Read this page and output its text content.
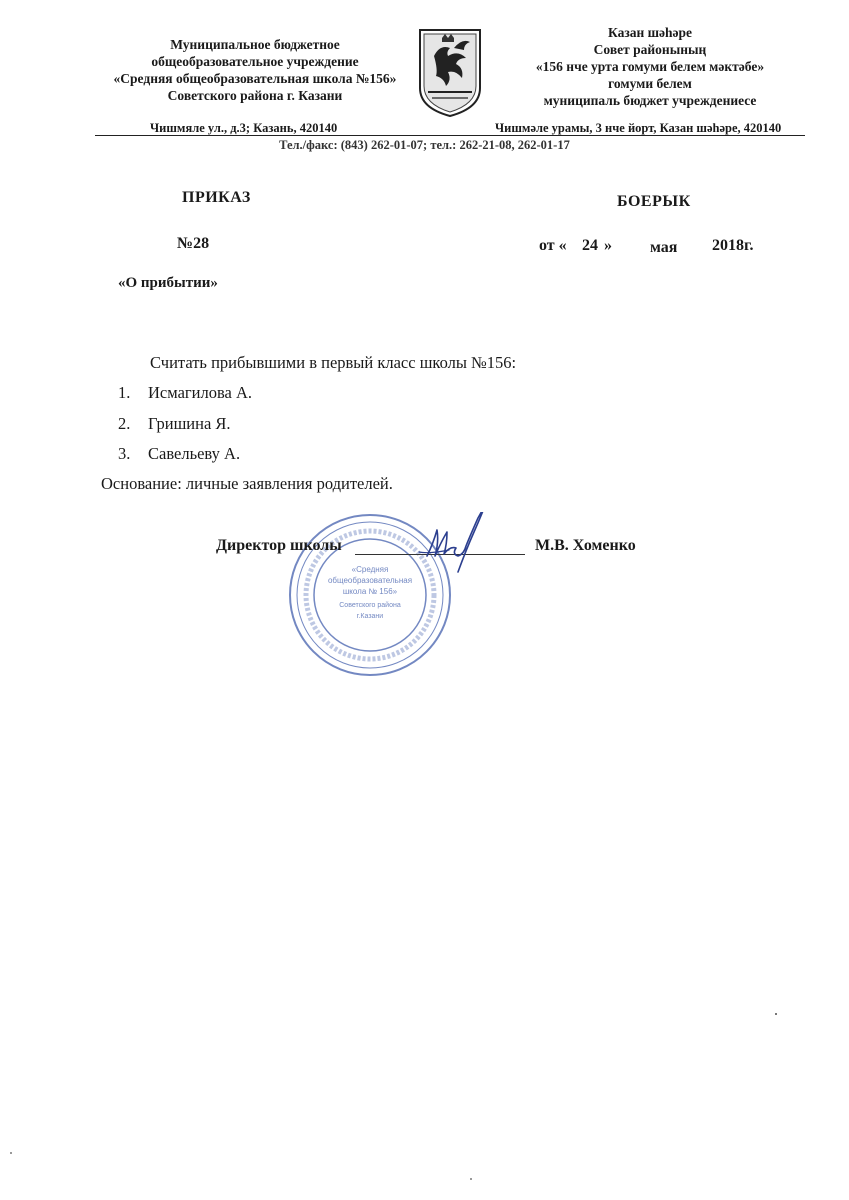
Муниципальное бюджетное
общеобразовательное учреждение
«Средняя общеобразовательная школа №156»
Советского района г. Казани
Казан шәһәре
Совет районының
«156 нче урта гомуми белем мәктәбе»
гомуми белем
муниципаль бюджет учреждениесе
Чишмяле ул., д.3; Казань, 420140	Чишмәле урамы, 3 нче йорт, Казан шәһәре, 420140
Тел./факс: (843) 262-01-07; тел.: 262-21-08, 262-01-17
ПРИКАЗ	БОЕРЫК
№28	от « 24 » мая 2018г.
«О прибытии»
Считать прибывшими в первый класс школы №156:
1. Исмагилова А.
2. Гришина Я.
3. Савельеву А.
Основание: личные заявления родителей.
«Средняя
общеобразовательная
школа № 156»
Советского района
г.Казани
Директор школы	М.В. Хоменко
